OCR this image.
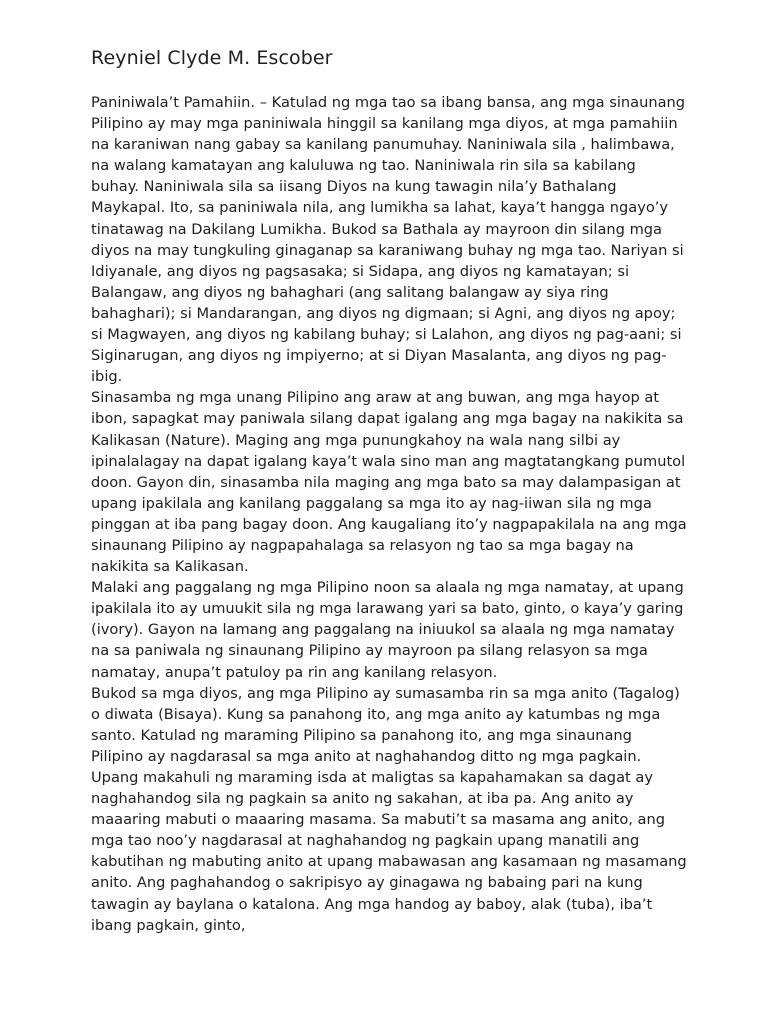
Reyniel Clyde M. Escober

Paniniwala’t Pamahiin. – Katulad ng mga tao sa ibang bansa, ang mga sinaunang Pilipino ay may mga paniniwala hinggil sa kanilang mga diyos, at mga pamahiin na karaniwan nang gabay sa kanilang panumuhay. Naniniwala sila , halimbawa, na walang kamatayan ang kaluluwa ng tao. Naniniwala rin sila sa kabilang buhay. Naniniwala sila sa iisang Diyos na kung tawagin nila’y Bathalang Maykapal. Ito, sa paniniwala nila, ang lumikha sa lahat, kaya’t hangga ngayo’y tinatawag na Dakilang Lumikha. Bukod sa Bathala ay mayroon din silang mga diyos na may tungkuling ginaganap sa karaniwang buhay ng mga tao. Nariyan si Idiyanale, ang diyos ng pagsasaka; si Sidapa, ang diyos ng kamatayan; si Balangaw, ang diyos ng bahaghari (ang salitang balangaw ay siya ring bahaghari); si Mandarangan, ang diyos ng digmaan; si Agni, ang diyos ng apoy; si Magwayen, ang diyos ng kabilang buhay; si Lalahon, ang diyos ng pag-aani; si Siginarugan, ang diyos ng impiyerno; at si Diyan Masalanta, ang diyos ng pag-ibig.

Sinasamba ng mga unang Pilipino ang araw at ang buwan, ang mga hayop at ibon, sapagkat may paniwala silang dapat igalang ang mga bagay na nakikita sa Kalikasan (Nature). Maging ang mga punungkahoy na wala nang silbi ay ipinalalagay na dapat igalang kaya’t wala sino man ang magtatangkang pumutol doon. Gayon din, sinasamba nila maging ang mga bato sa may dalampasigan at upang ipakilala ang kanilang paggalang sa mga ito ay nag-iiwan sila ng mga pinggan at iba pang bagay doon. Ang kaugaliang ito’y nagpapakilala na ang mga sinaunang Pilipino ay nagpapahalaga sa relasyon ng tao sa mga bagay na nakikita sa Kalikasan.

Malaki ang paggalang ng mga Pilipino noon sa alaala ng mga namatay, at upang ipakilala ito ay umuukit sila ng mga larawang yari sa bato, ginto, o kaya’y garing (ivory). Gayon na lamang ang paggalang na iniuukol sa alaala ng mga namatay na sa paniwala ng sinaunang Pilipino ay mayroon pa silang relasyon sa mga namatay, anupa’t patuloy pa rin ang kanilang relasyon.

Bukod sa mga diyos, ang mga Pilipino ay sumasamba rin sa mga anito (Tagalog) o diwata (Bisaya). Kung sa panahong ito, ang mga anito ay katumbas ng mga santo. Katulad ng maraming Pilipino sa panahong ito, ang mga sinaunang Pilipino ay nagdarasal sa mga anito at naghahandog ditto ng mga pagkain. Upang makahuli ng maraming isda at maligtas sa kapahamakan sa dagat ay naghahandog sila ng pagkain sa anito ng sakahan, at iba pa. Ang anito ay maaaring mabuti o maaaring masama. Sa mabuti’t sa masama ang anito, ang mga tao noo’y nagdarasal at naghahandog ng pagkain upang manatili ang kabutihan ng mabuting anito at upang mabawasan ang kasamaan ng masamang anito. Ang paghahandog o sakripisyo ay ginagawa ng babaing pari na kung tawagin ay baylana o katalona. Ang mga handog ay baboy, alak (tuba), iba’t ibang pagkain, ginto,
